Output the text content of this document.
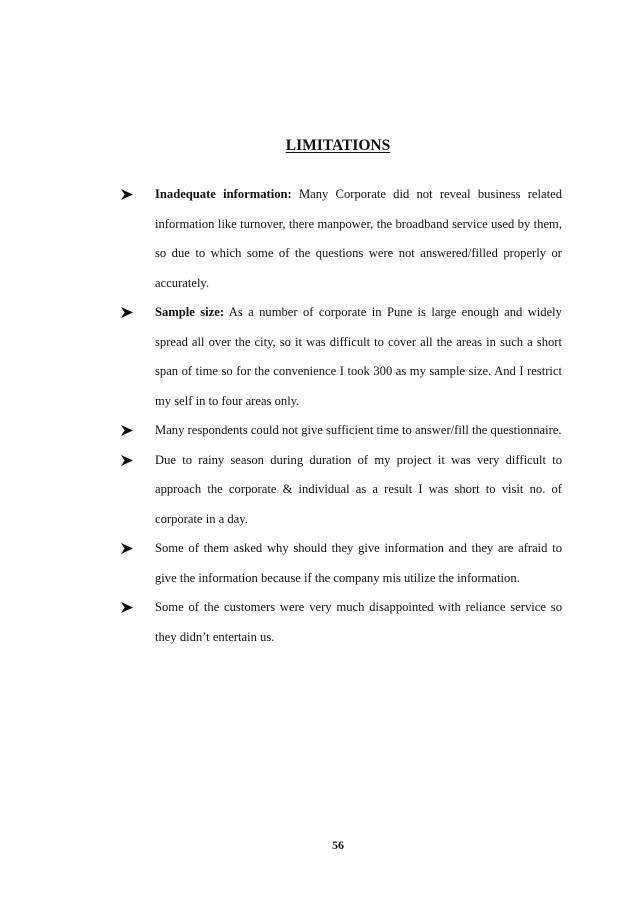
LIMITATIONS
Inadequate information: Many Corporate did not reveal business related information like turnover, there manpower, the broadband service used by them, so due to which some of the questions were not answered/filled properly or accurately.
Sample size: As a number of corporate in Pune is large enough and widely spread all over the city, so it was difficult to cover all the areas in such a short span of time so for the convenience I took 300 as my sample size. And I restrict my self in to four areas only.
Many respondents could not give sufficient time to answer/fill the questionnaire.
Due to rainy season during duration of my project it was very difficult to approach the corporate & individual as a result I was short to visit no. of corporate in a day.
Some of them asked why should they give information and they are afraid to give the information because if the company mis utilize the information.
Some of the customers were very much disappointed with reliance service so they didn’t entertain us.

56
